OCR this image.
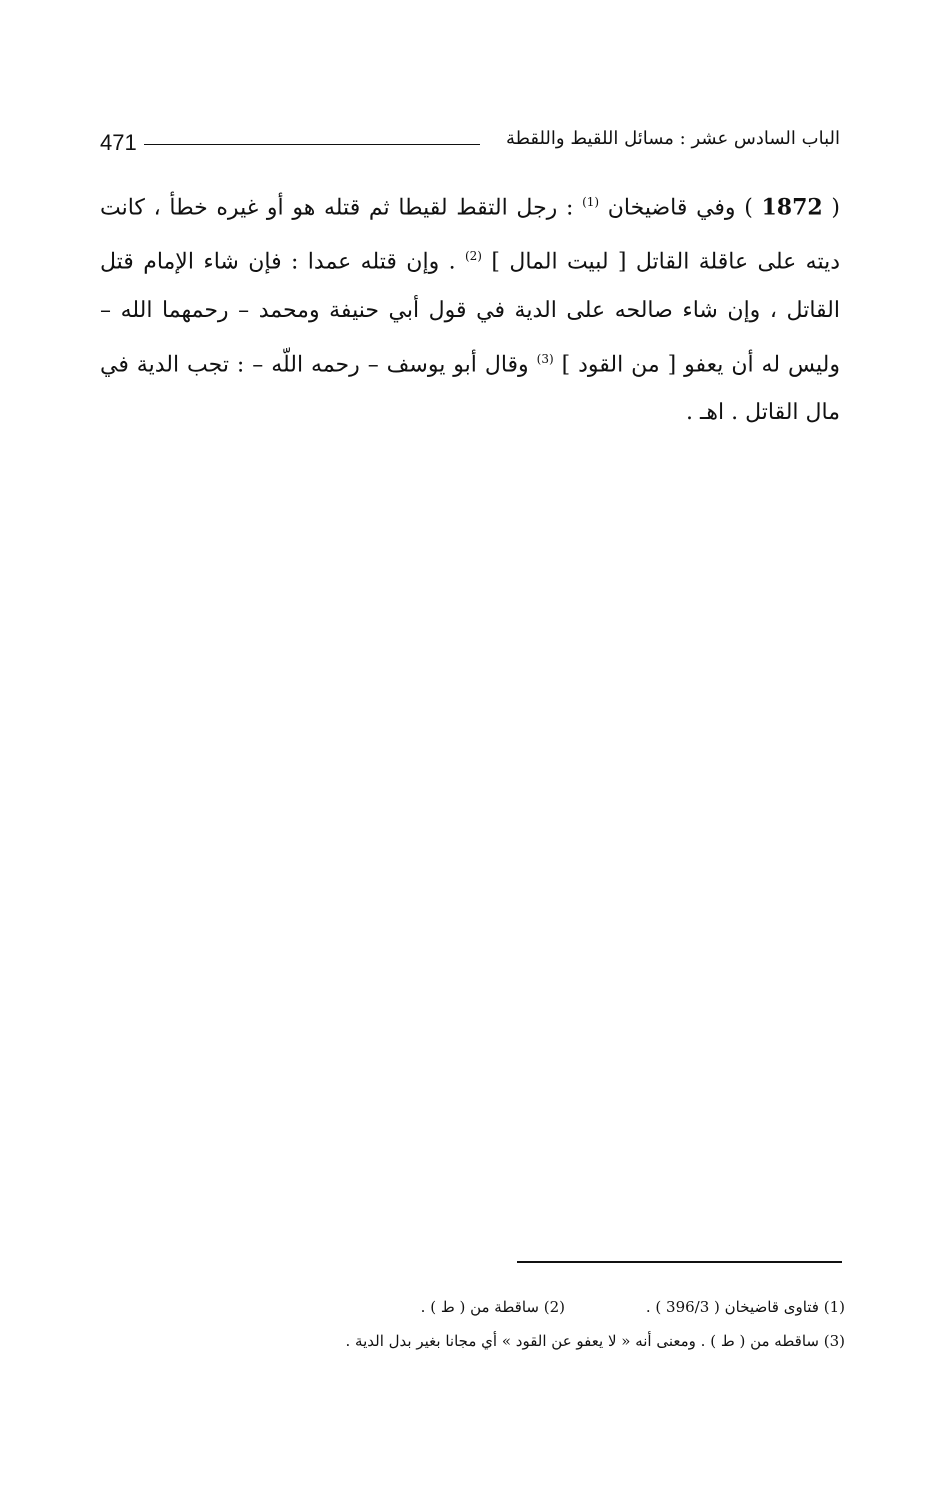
471	الباب السادس عشر : مسائل اللقيط واللقطة
( 1872 ) وفي قاضيخان $^{(1)}$ : رجل التقط لقيطا ثم قتله هو أو غيره خطأ ، كانت ديته على عاقلة القاتل [ لبيت المال ] $^{(2)}$ . وإن قتله عمدا : فإن شاء الإمام قتل القاتل ، وإن شاء صالحه على الدية في قول أبي حنيفة ومحمد – رحمهما الله – وليس له أن يعفو [ من القود ] $^{(3)}$ وقال أبو يوسف – رحمه اللّه – : تجب الدية في مال القاتل . اهـ .
(1) فتاوى قاضيخان ( 396/3 ) .
(2) ساقطة من ( ط ) .
(3) ساقطه من ( ط ) . ومعنى أنه « لا يعفو عن القود » أي مجانا بغير بدل الدية .
